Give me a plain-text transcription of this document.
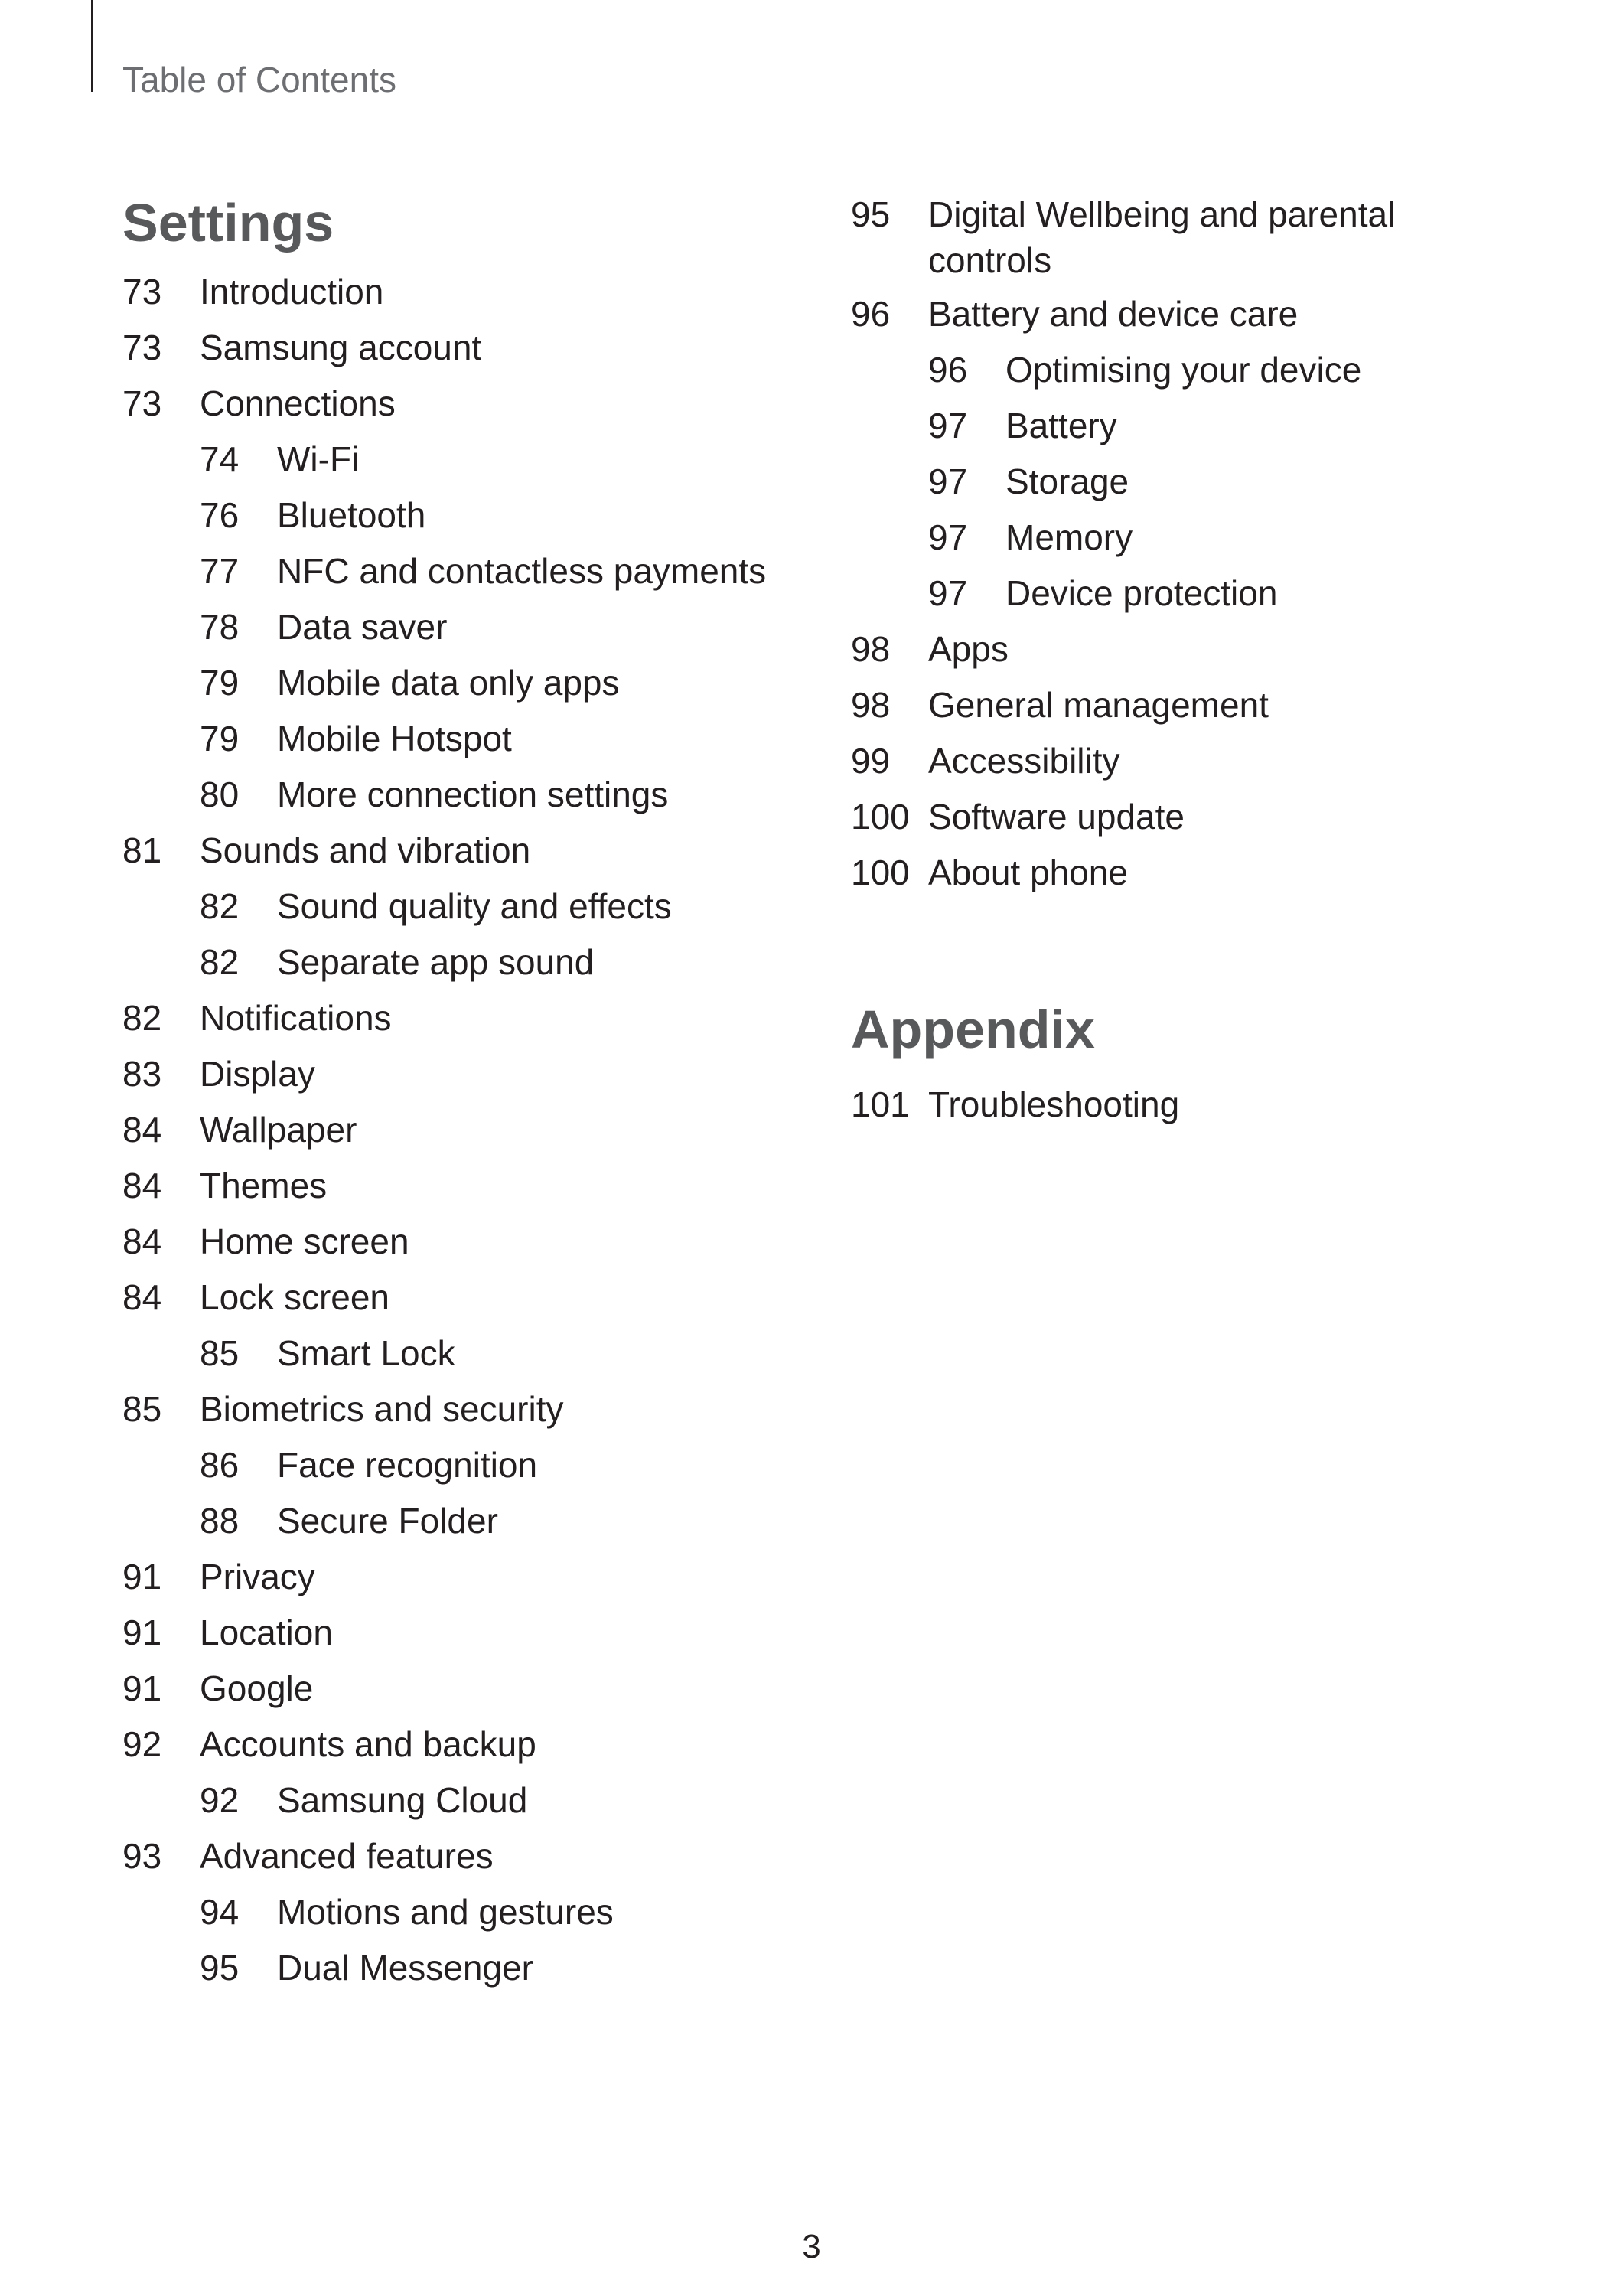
Table of Contents
Settings
73 Introduction
73 Samsung account
73 Connections
74 Wi-Fi
76 Bluetooth
77 NFC and contactless payments
78 Data saver
79 Mobile data only apps
79 Mobile Hotspot
80 More connection settings
81 Sounds and vibration
82 Sound quality and effects
82 Separate app sound
82 Notifications
83 Display
84 Wallpaper
84 Themes
84 Home screen
84 Lock screen
85 Smart Lock
85 Biometrics and security
86 Face recognition
88 Secure Folder
91 Privacy
91 Location
91 Google
92 Accounts and backup
92 Samsung Cloud
93 Advanced features
94 Motions and gestures
95 Dual Messenger
95 Digital Wellbeing and parental controls
96 Battery and device care
96 Optimising your device
97 Battery
97 Storage
97 Memory
97 Device protection
98 Apps
98 General management
99 Accessibility
100 Software update
100 About phone
Appendix
101 Troubleshooting
3
